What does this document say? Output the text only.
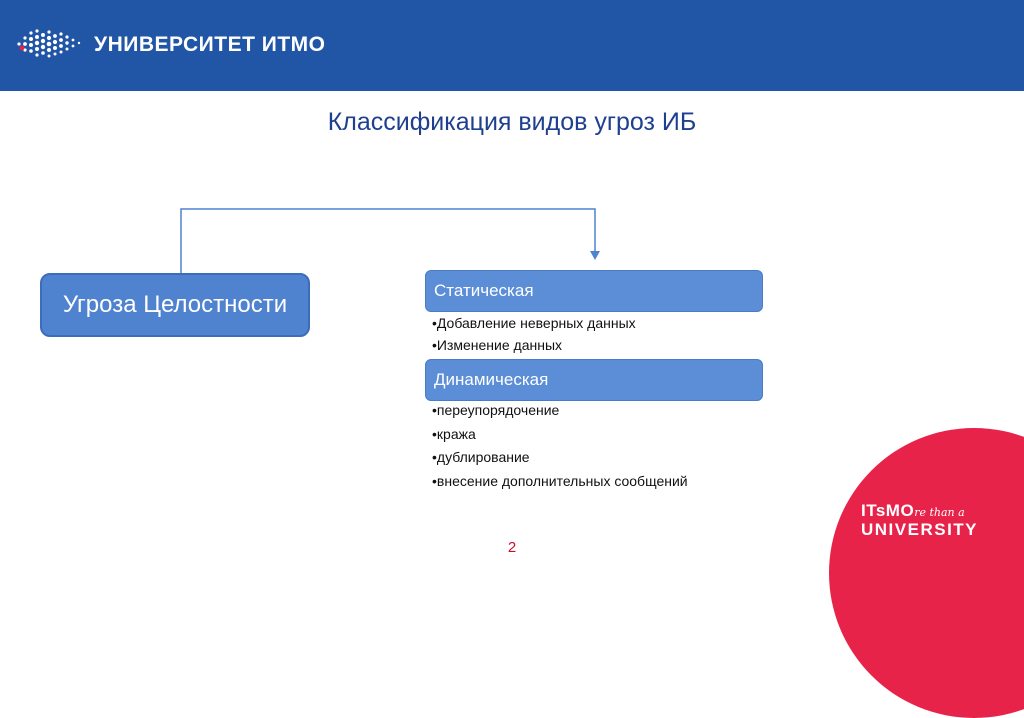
УНИВЕРСИТЕТ ИТМО
Классификация видов угроз ИБ
Угроза Целостности
Статическая
•Добавление неверных данных
•Изменение данных
Динамическая
•переупорядочение
•кража
•дублирование
•внесение дополнительных сообщений
2
ITsMOre than a
UNIVERSITY
